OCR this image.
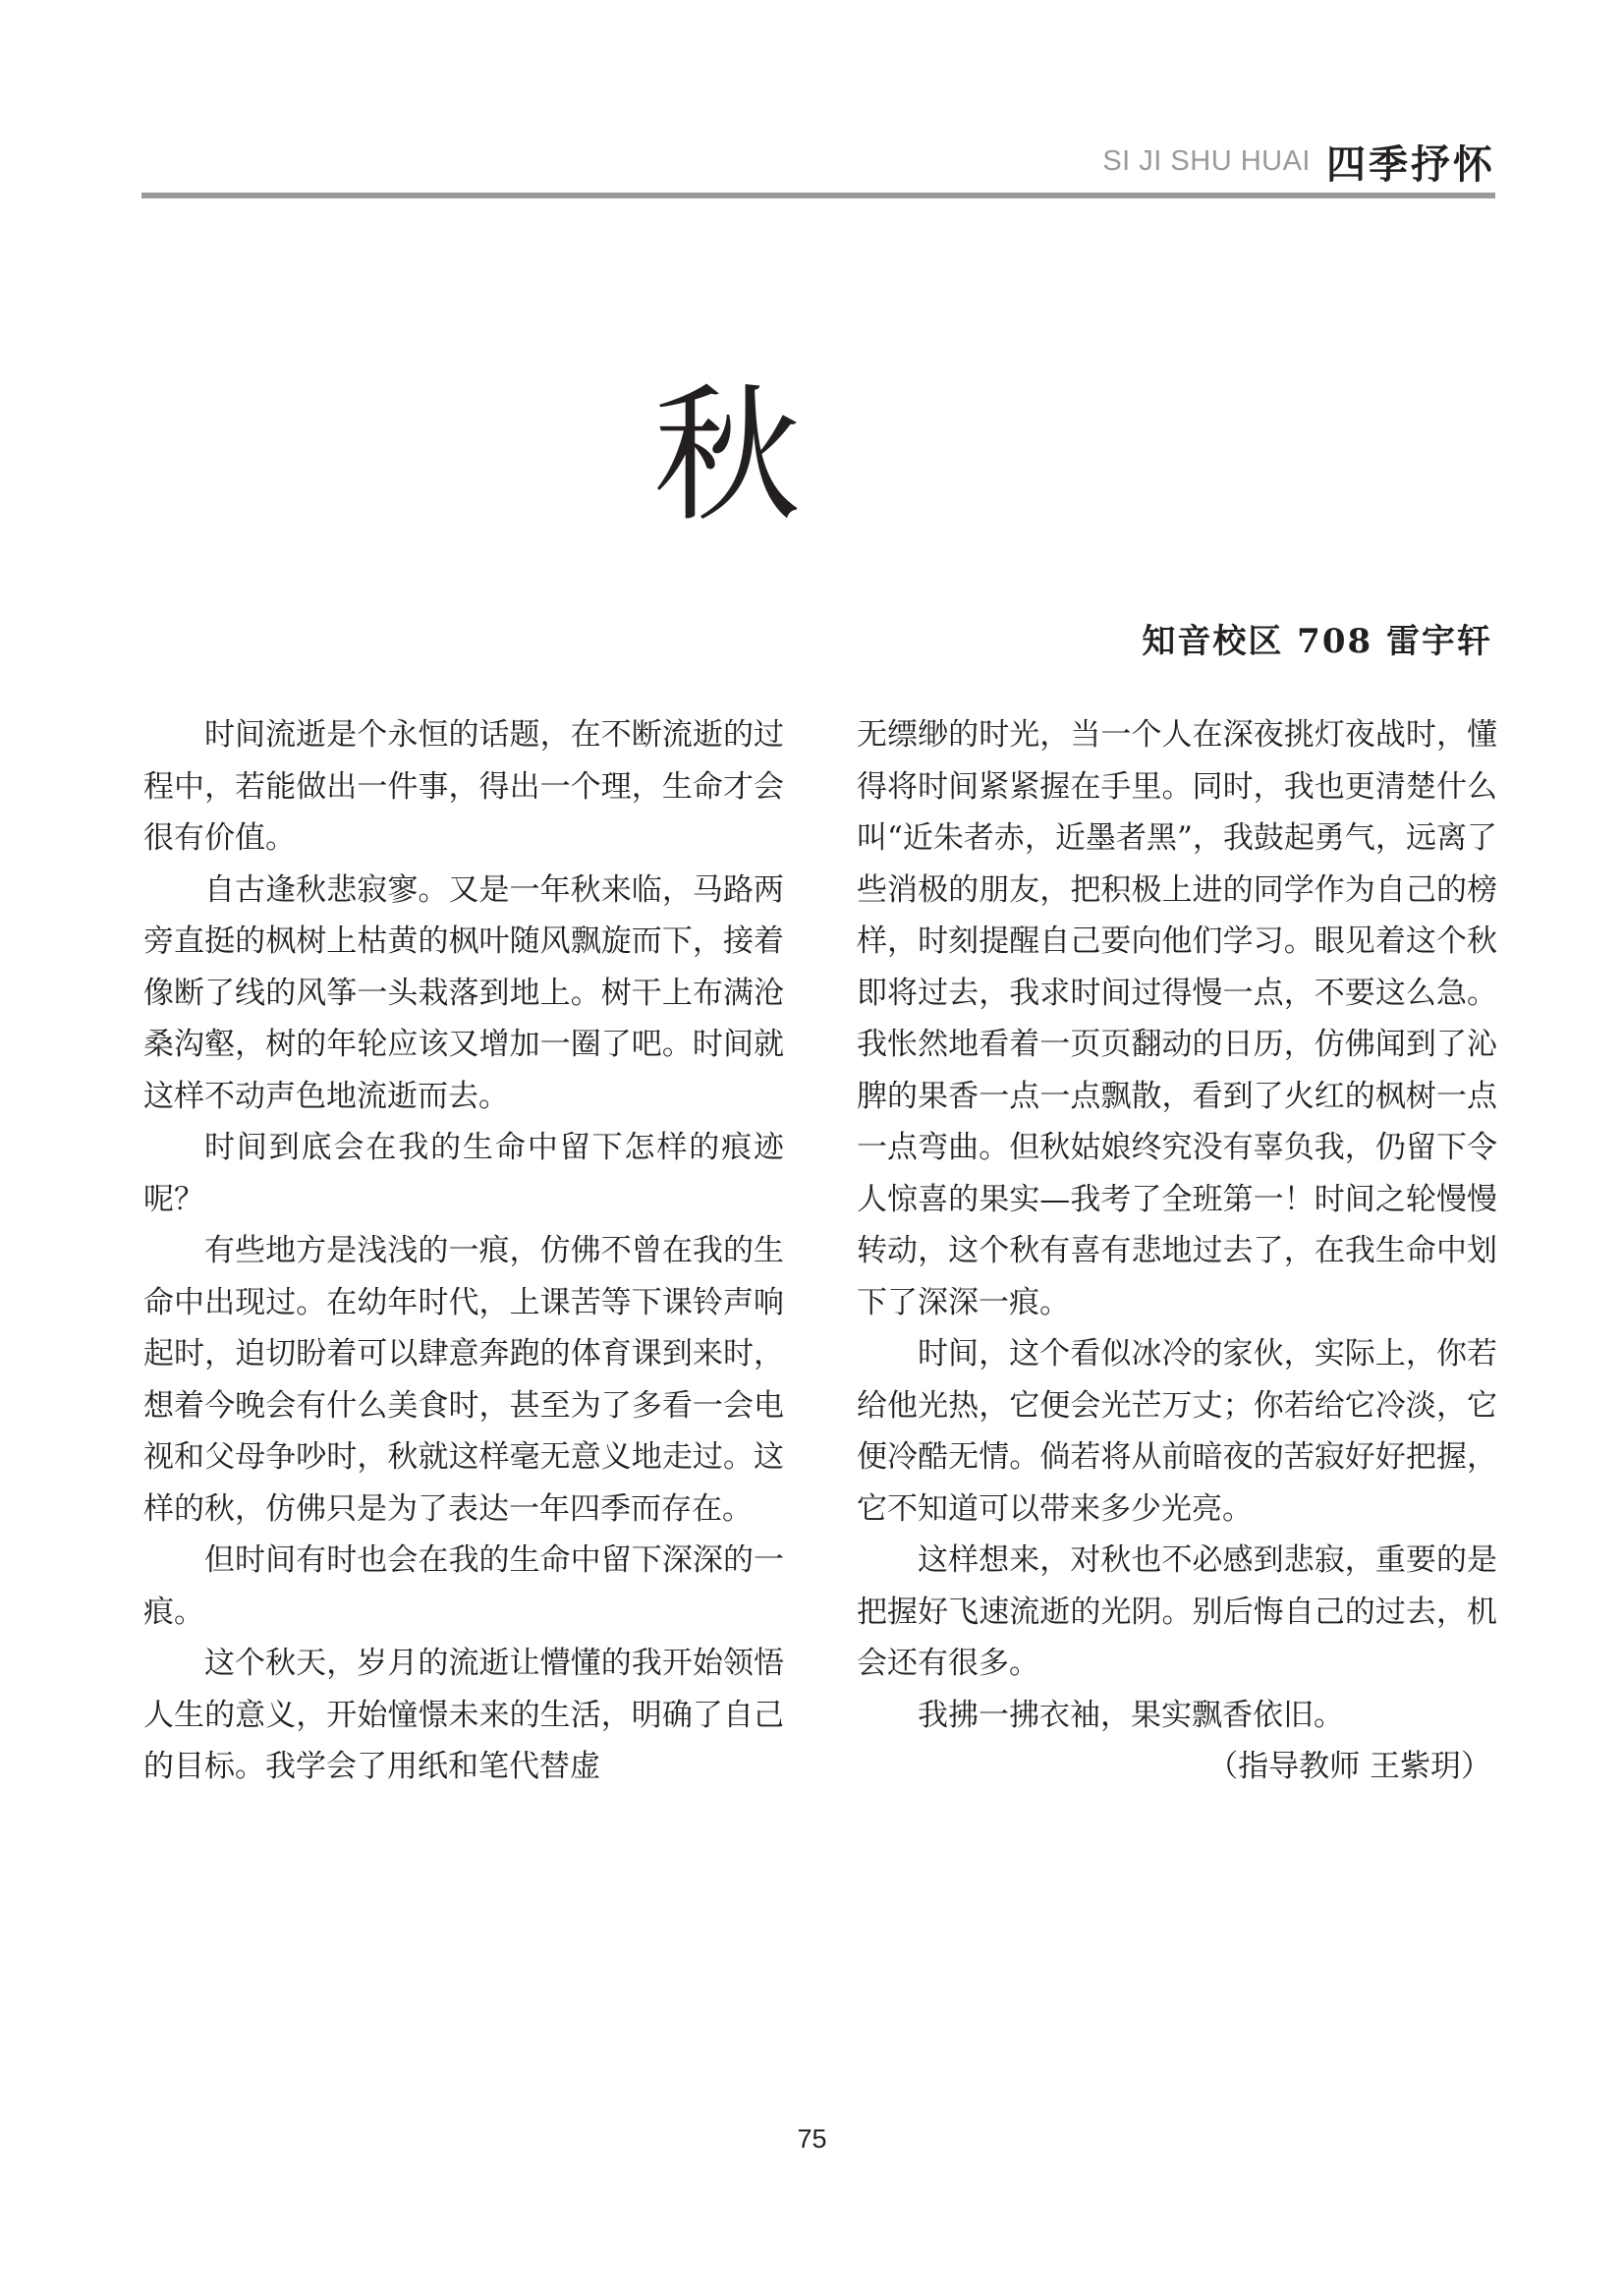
SI JI SHU HUAI 四季抒怀
秋
知音校区 708 雷宇轩

时间流逝是个永恒的话题，在不断流逝的过程中，若能做出一件事，得出一个理，生命才会很有价值。

自古逢秋悲寂寥。又是一年秋来临，马路两旁直挺的枫树上枯黄的枫叶随风飘旋而下，接着像断了线的风筝一头栽落到地上。树干上布满沧桑沟壑，树的年轮应该又增加一圈了吧。时间就这样不动声色地流逝而去。

时间到底会在我的生命中留下怎样的痕迹呢？

有些地方是浅浅的一痕，仿佛不曾在我的生命中出现过。在幼年时代，上课苦等下课铃声响起时，迫切盼着可以肆意奔跑的体育课到来时，想着今晚会有什么美食时，甚至为了多看一会电视和父母争吵时，秋就这样毫无意义地走过。这样的秋，仿佛只是为了表达一年四季而存在。

但时间有时也会在我的生命中留下深深的一痕。

这个秋天，岁月的流逝让懵懂的我开始领悟人生的意义，开始憧憬未来的生活，明确了自己的目标。我学会了用纸和笔代替虚

无缥缈的时光，当一个人在深夜挑灯夜战时，懂得将时间紧紧握在手里。同时，我也更清楚什么叫“近朱者赤，近墨者黑”，我鼓起勇气，远离了些消极的朋友，把积极上进的同学作为自己的榜样，时刻提醒自己要向他们学习。眼见着这个秋即将过去，我求时间过得慢一点，不要这么急。我怅然地看着一页页翻动的日历，仿佛闻到了沁脾的果香一点一点飘散，看到了火红的枫树一点一点弯曲。但秋姑娘终究没有辜负我，仍留下令人惊喜的果实—我考了全班第一！时间之轮慢慢转动，这个秋有喜有悲地过去了，在我生命中划下了深深一痕。

时间，这个看似冰冷的家伙，实际上，你若给他光热，它便会光芒万丈；你若给它冷淡，它便冷酷无情。倘若将从前暗夜的苦寂好好把握，它不知道可以带来多少光亮。

这样想来，对秋也不必感到悲寂，重要的是把握好飞速流逝的光阴。别后悔自己的过去，机会还有很多。

我拂一拂衣袖，果实飘香依旧。

（指导教师 王紫玥）

75
